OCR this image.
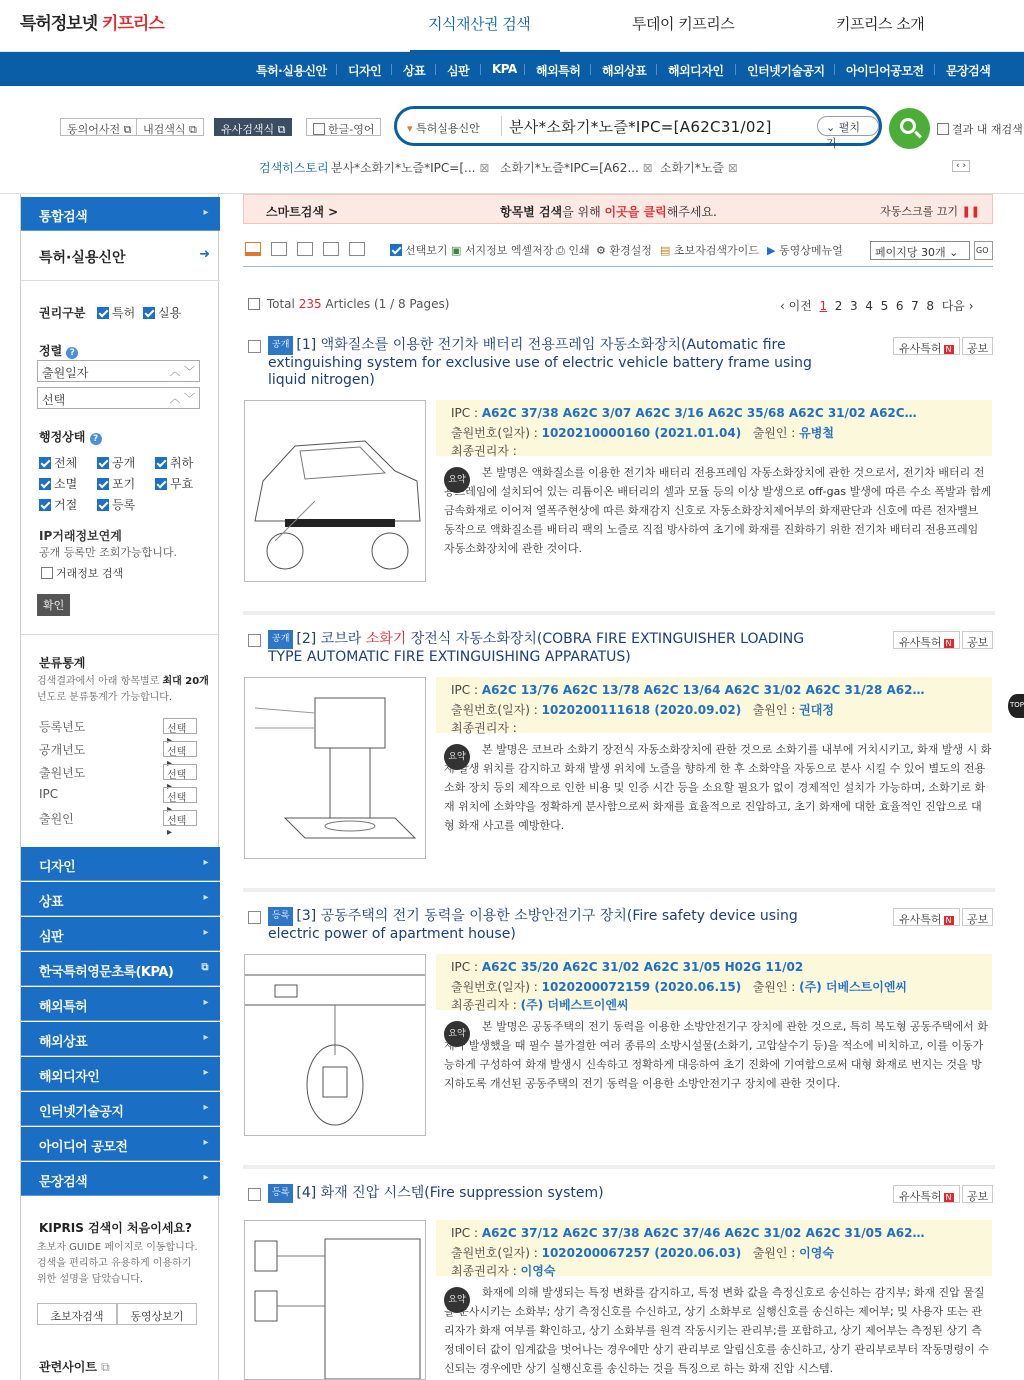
특허정보넷 키프리스	지식재산권 검색	투데이 키프리스	키프리스 소개
특허·실용신안 디자인 상표 심판 KPA 해외특허 해외상표 해외디자인 인터넷기술공지 아이디어공모전 문장검색
동의어사전 ⧉	내검색식 ⧉	유사검색식 ⧉	한글-영어	▾ 특허실용신안 분사*소화기*노즐*IPC=[A62C31/02]	⌄ 펼치기
결과 내 재검색
검색히스토리 분사*소화기*노즐*IPC=[... ⊠ 소화기*노즐*IPC=[A62... ⊠ 소화기*노즐 ⊠	‹ ›
통합검색	▸
특허·실용신안	➜
권리구분	특허	실용
정렬 ?
출원일자	︿ ﹀
선택	︿ ﹀
행정상태 ?
전체	공개	취하
소멸	포기	무효
거절	등록
IP거래정보연계
공개 등록만 조회가능합니다.
거래정보 검색
확인
분류통계
검색결과에서 아래 항목별로 최대 20개
년도로 분류통계가 가능합니다.
등록년도	선택 ▸
공개년도	선택 ▸
출원년도	선택 ▸
IPC	선택 ▸
출원인	선택 ▸
디자인	▸
상표	▸
심판	▸
한국특허영문초록(KPA)	⧉
해외특허	▸
해외상표	▸
해외디자인	▸
인터넷기술공지	▸
아이디어 공모전	▸
문장검색	▸
KIPRIS 검색이 처음이세요?
초보자 GUIDE 페이지로 이동합니다. 검색을 편리하고 유용하게 이용하기 위한 설명을 담았습니다.
초보자검색	동영상보기
관련사이트 ⧉
스마트검색 >	항목별 검색을 위해 이곳을 클릭해주세요.	자동스크롤 끄기 ❚❚
선택보기 ▣ 서지정보 엑셀저장 ⎙ 인쇄 ⚙ 환경설정 ▤ 초보자검색가이드 ▶ 동영상메뉴얼	페이지당 30개 ⌄	GO
Total 235 Articles (1 / 8 Pages)	‹ 이전 1 2 3 4 5 6 7 8 다음 ›
공개 [1] 액화질소를 이용한 전기차 배터리 전용프레임 자동소화장치(Automatic fire extinguishing system for exclusive use of electric vehicle battery frame using liquid nitrogen)
유사특허 N	공보
IPC : A62C 37/38 A62C 3/07 A62C 3/16 A62C 35/68 A62C 31/02 A62C…
출원번호(일자) : 1020210000160 (2021.01.04) 출원인 : 유병철
최종권리자 :
요약
본 발명은 액화질소를 이용한 전기차 배터리 전용프레임 자동소화장치에 관한 것으로서, 전기차 배터리 전용프레임에 설치되어 있는 리튬이온 배터리의 셀과 모듈 등의 이상 발생으로 off-gas 발생에 따른 수소 폭발과 함께 금속화재로 이어져 열폭주현상에 따른 화재감지 신호로 자동소화장치제어부의 화재판단과 신호에 따른 전자밸브 동작으로 액화질소를 배터리 팩의 노즐로 직접 방사하여 초기에 화재를 진화하기 위한 전기차 배터리 전용프레임 자동소화장치에 관한 것이다.
공개 [2] 코브라 소화기 장전식 자동소화장치(COBRA FIRE EXTINGUISHER LOADING TYPE AUTOMATIC FIRE EXTINGUISHING APPARATUS)
유사특허 N	공보
IPC : A62C 13/76 A62C 13/78 A62C 13/64 A62C 31/02 A62C 31/28 A62…
출원번호(일자) : 1020200111618 (2020.09.02) 출원인 : 권대정
최종권리자 :
요약
본 발명은 코브라 소화기 장전식 자동소화장치에 관한 것으로 소화기를 내부에 거치시키고, 화재 발생 시 화재 발생 위치를 감지하고 화재 발생 위치에 노즐을 향하게 한 후 소화약을 자동으로 분사 시킬 수 있어 별도의 전용 소화 장치 등의 제작으로 인한 비용 및 인증 시간 등을 소요할 필요가 없이 경제적인 설치가 가능하며, 소화기로 화재 위치에 소화약을 정확하게 분사함으로써 화재를 효율적으로 진압하고, 초기 화재에 대한 효율적인 진압으로 대형 화재 사고를 예방한다.
등록 [3] 공동주택의 전기 동력을 이용한 소방안전기구 장치(Fire safety device using electric power of apartment house)
유사특허 N	공보
IPC : A62C 35/20 A62C 31/02 A62C 31/05 H02G 11/02
출원번호(일자) : 1020200072159 (2020.06.15) 출원인 : (주) 더베스트이엔씨
최종권리자 : (주) 더베스트이엔씨
요약
본 발명은 공동주택의 전기 동력을 이용한 소방안전기구 장치에 관한 것으로, 특히 복도형 공동주택에서 화재가 발생했을 때 필수 불가결한 여러 종류의 소방시설물(소화기, 고압살수기 등)을 적소에 비치하고, 이를 이동가능하게 구성하여 화재 발생시 신속하고 정확하게 대응하여 초기 진화에 기여함으로써 대형 화재로 번지는 것을 방지하도록 개선된 공동주택의 전기 동력을 이용한 소방안전기구 장치에 관한 것이다.
등록 [4] 화재 진압 시스템(Fire suppression system)	유사특허 N	공보
IPC : A62C 37/12 A62C 37/38 A62C 37/46 A62C 31/02 A62C 31/05 A62…
출원번호(일자) : 1020200067257 (2020.06.03) 출원인 : 이영숙
최종권리자 : 이영숙
요약
화재에 의해 발생되는 특정 변화를 감지하고, 특정 변화 값을 측정신호로 송신하는 감지부; 화재 진압 물질을 분사시키는 소화부; 상기 측정신호를 수신하고, 상기 소화부로 실행신호를 송신하는 제어부; 및 사용자 또는 관리자가 화재 여부를 확인하고, 상기 소화부를 원격 작동시키는 관리부;를 포함하고, 상기 제어부는 측정된 상기 측정데이터 값이 임계값을 벗어나는 경우에만 상기 관리부로 알림신호를 송신하고, 상기 관리부로부터 작동명령이 수신되는 경우에만 상기 실행신호를 송신하는 것을 특징으로 하는 화재 진압 시스템.
TOP
